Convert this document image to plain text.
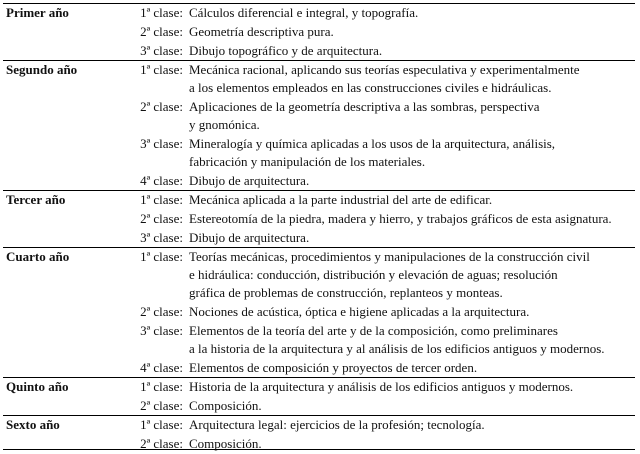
Primer año	1ª clase:	Cálculos diferencial e integral, y topografía.

	2ª clase:	Geometría descriptiva pura.

	3ª clase:	Dibujo topográfico y de arquitectura.

Segundo año	1ª clase:	Mecánica racional, aplicando sus teorías especulativa y experimentalmente
a los elementos empleados en las construcciones civiles e hidráulicas.

	2ª clase:	Aplicaciones de la geometría descriptiva a las sombras, perspectiva
y gnomónica.

	3ª clase:	Mineralogía y química aplicadas a los usos de la arquitectura, análisis,
fabricación y manipulación de los materiales.

	4ª clase:	Dibujo de arquitectura.

Tercer año	1ª clase:	Mecánica aplicada a la parte industrial del arte de edificar.

	2ª clase:	Estereotomía de la piedra, madera y hierro, y trabajos gráficos de esta asignatura.

	3ª clase:	Dibujo de arquitectura.

Cuarto año	1ª clase:	Teorías mecánicas, procedimientos y manipulaciones de la construcción civil
e hidráulica: conducción, distribución y elevación de aguas; resolución
gráfica de problemas de construcción, replanteos y monteas.

	2ª clase:	Nociones de acústica, óptica e higiene aplicadas a la arquitectura.

	3ª clase:	Elementos de la teoría del arte y de la composición, como preliminares
a la historia de la arquitectura y al análisis de los edificios antiguos y modernos.

	4ª clase:	Elementos de composición y proyectos de tercer orden.

Quinto año	1ª clase:	Historia de la arquitectura y análisis de los edificios antiguos y modernos.

	2ª clase:	Composición.

Sexto año	1ª clase:	Arquitectura legal: ejercicios de la profesión; tecnología.

	2ª clase:	Composición.
